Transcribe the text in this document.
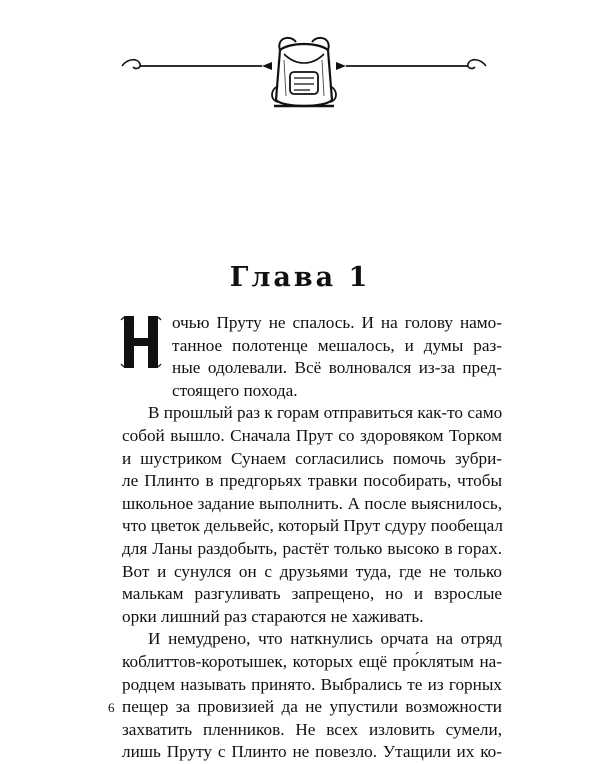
Глава 1
очью Пруту не спалось. И на голову намо-
танное полотенце мешалось, и думы раз-
ные одолевали. Всё волновался из-за пред-
стоящего похода.
В прошлый раз к горам отправиться как-то само
собой вышло. Сначала Прут со здоровяком Торком
и шустриком Сунаем согласились помочь зубри-
ле Плинто в предгорьях травки пособирать, чтобы
школьное задание выполнить. А после выяснилось,
что цветок дельвейс, который Прут сдуру пообещал
для Ланы раздобыть, растёт только высоко в горах.
Вот и сунулся он с друзьями туда, где не только
малькам разгуливать запрещено, но и взрослые
орки лишний раз стараются не хаживать.
И немудрено, что наткнулись орчата на отряд
коблиттов-коротышек, которых ещё про́клятым на-
родцем называть принято. Выбрались те из горных
пещер за провизией да не упустили возможности
захватить пленников. Не всех изловить сумели,
лишь Пруту с Плинто не повезло. Утащили их ко-
6
